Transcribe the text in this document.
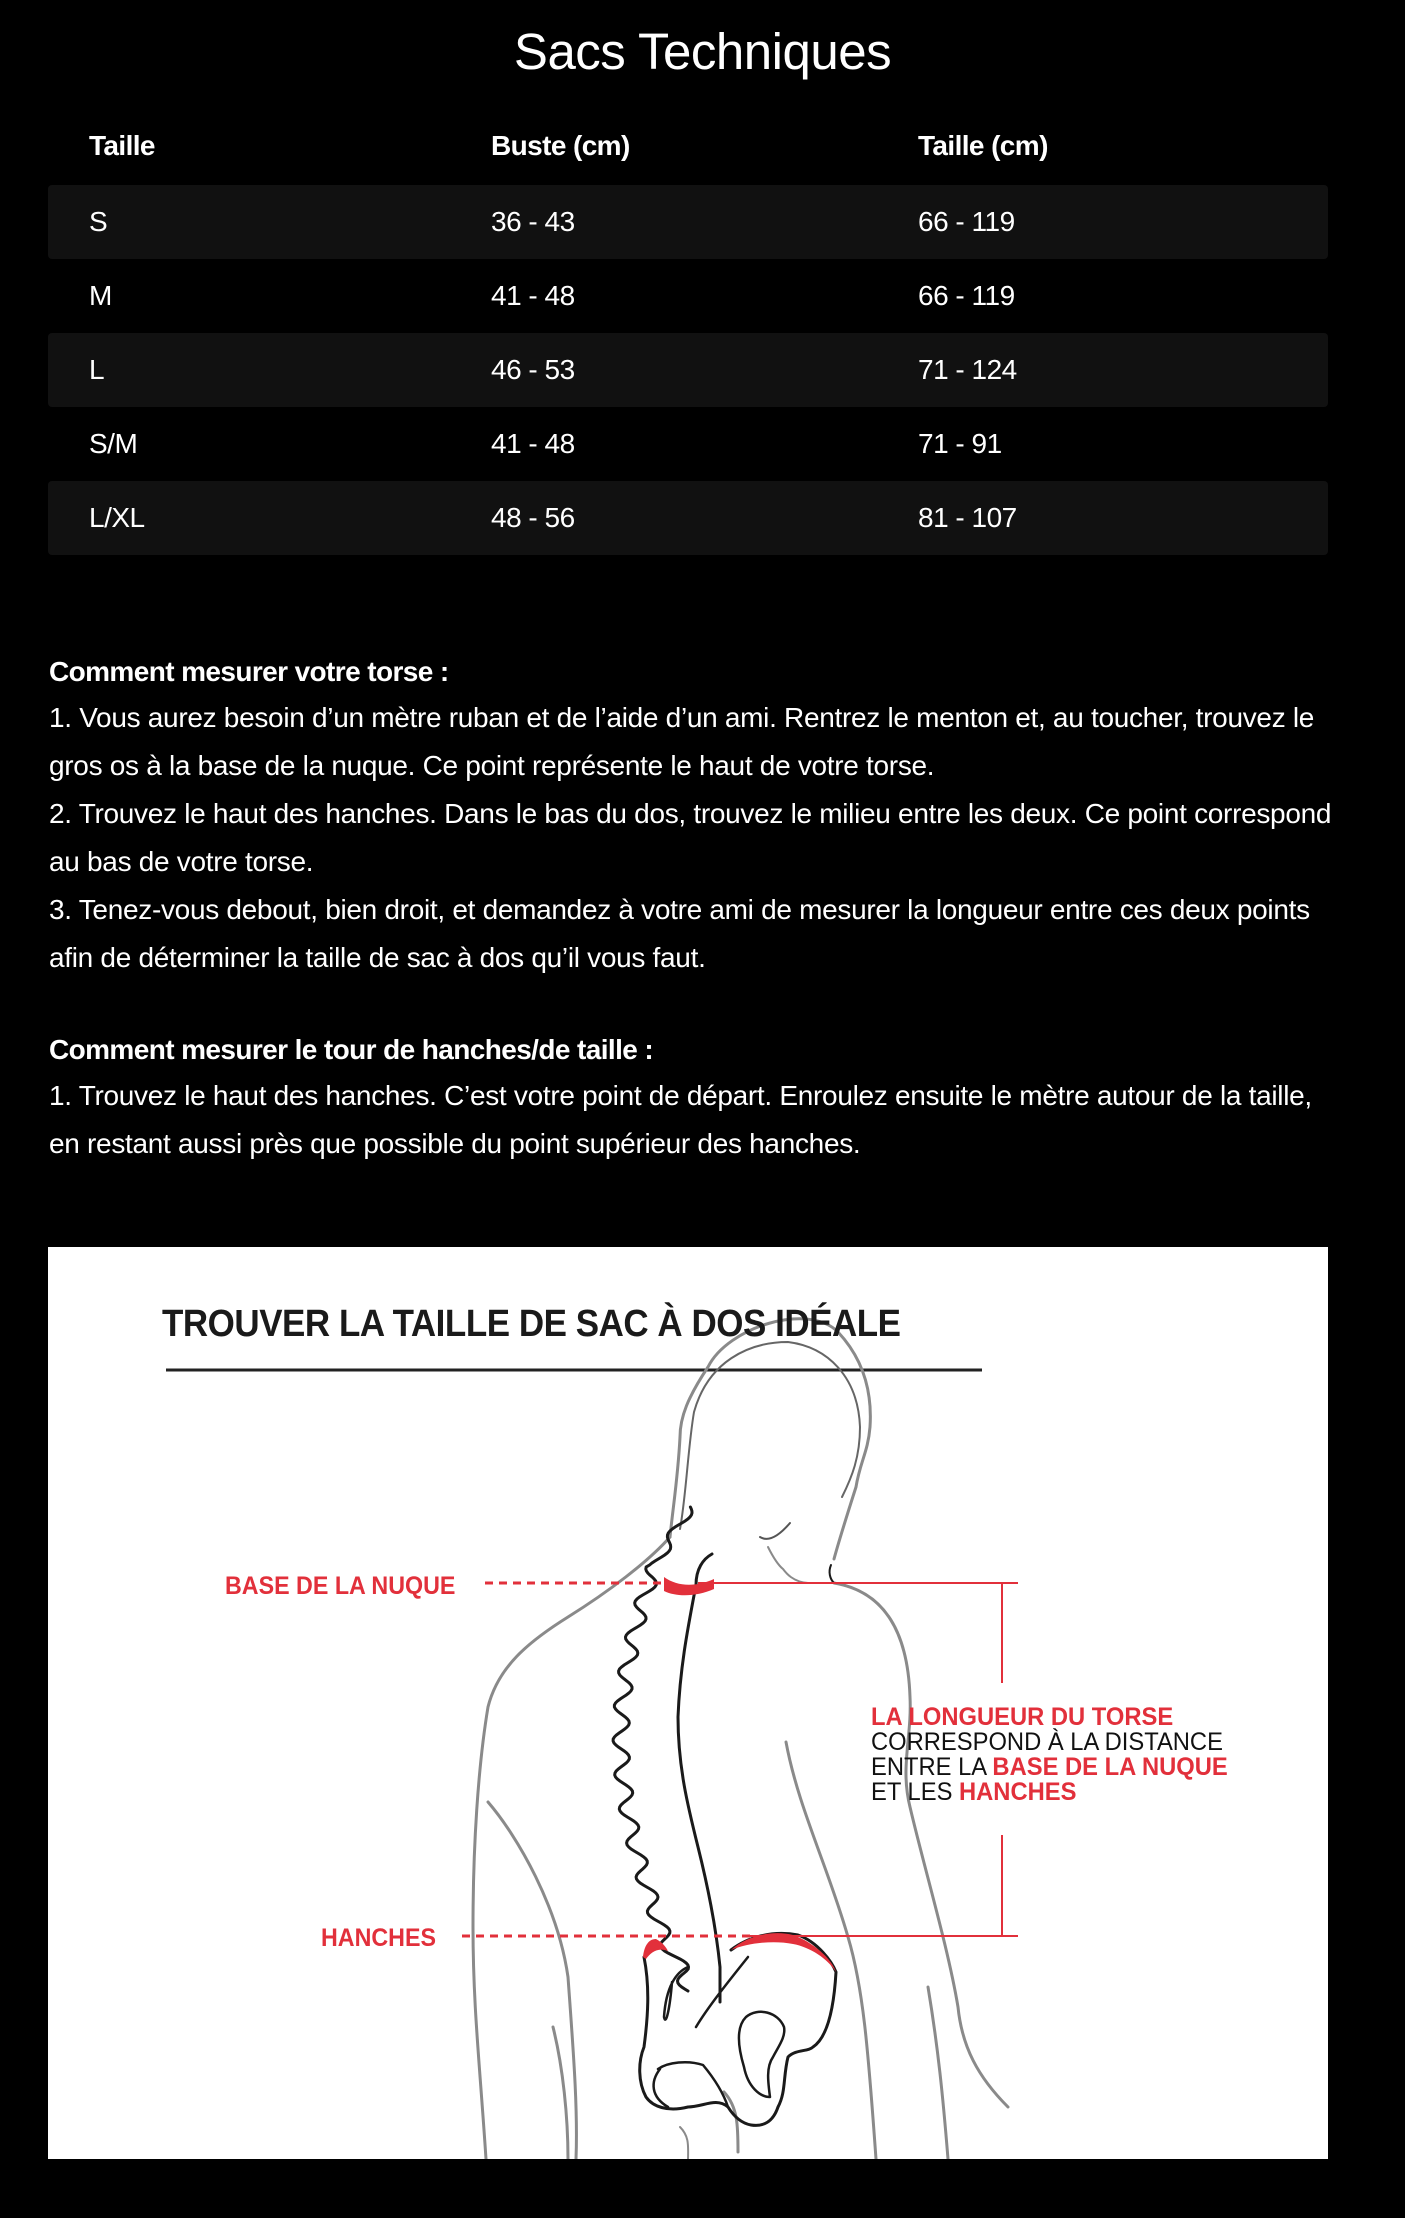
Sacs Techniques
Taille	Buste (cm)	Taille (cm)
S	36 - 43	66 - 119
M	41 - 48	66 - 119
L	46 - 53	71 - 124
S/M	41 - 48	71 - 91
L/XL	48 - 56	81 - 107
Comment mesurer votre torse :

1. Vous aurez besoin d’un mètre ruban et de l’aide d’un ami. Rentrez le menton et, au toucher, trouvez le gros os à la base de la nuque. Ce point représente le haut de votre torse.

2. Trouvez le haut des hanches. Dans le bas du dos, trouvez le milieu entre les deux. Ce point correspond au bas de votre torse.

3. Tenez-vous debout, bien droit, et demandez à votre ami de mesurer la longueur entre ces deux points afin de déterminer la taille de sac à dos qu’il vous faut.

Comment mesurer le tour de hanches/de taille :

1. Trouvez le haut des hanches. C’est votre point de départ. Enroulez ensuite le mètre autour de la taille, en restant aussi près que possible du point supérieur des hanches.

TROUVER LA TAILLE DE SAC À DOS IDÉALE
BASE DE LA NUQUE
HANCHES
LA LONGUEUR DU TORSE
CORRESPOND À LA DISTANCE
ENTRE LA BASE DE LA NUQUE
ET LES HANCHES
